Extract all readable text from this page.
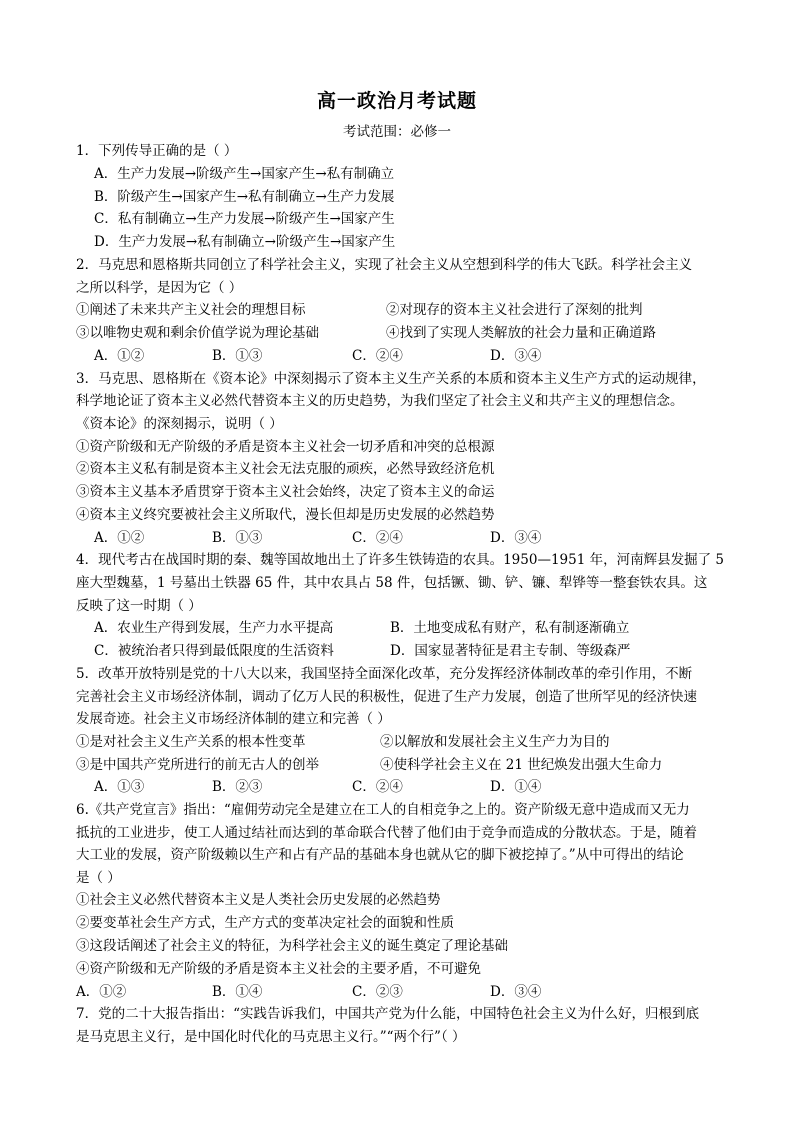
高一政治月考试题
考试范围：必修一
1．下列传导正确的是（ ）
A．生产力发展→阶级产生→国家产生→私有制确立
B．阶级产生→国家产生→私有制确立→生产力发展
C．私有制确立→生产力发展→阶级产生→国家产生
D．生产力发展→私有制确立→阶级产生→国家产生
2．马克思和恩格斯共同创立了科学社会主义，实现了社会主义从空想到科学的伟大飞跃。科学社会主义
之所以科学，是因为它（ ）
①阐述了未来共产主义社会的理想目标	②对现存的资本主义社会进行了深刻的批判
③以唯物史观和剩余价值学说为理论基础	④找到了实现人类解放的社会力量和正确道路
A．①②	B．①③	C．②④	D．③④
3．马克思、恩格斯在《资本论》中深刻揭示了资本主义生产关系的本质和资本主义生产方式的运动规律，
科学地论证了资本主义必然代替资本主义的历史趋势，为我们坚定了社会主义和共产主义的理想信念。
《资本论》的深刻揭示，说明（ ）
①资产阶级和无产阶级的矛盾是资本主义社会一切矛盾和冲突的总根源
②资本主义私有制是资本主义社会无法克服的顽疾，必然导致经济危机
③资本主义基本矛盾贯穿于资本主义社会始终，决定了资本主义的命运
④资本主义终究要被社会主义所取代，漫长但却是历史发展的必然趋势
A．①②	B．①③	C．②④	D．③④
4．现代考古在战国时期的秦、魏等国故地出土了许多生铁铸造的农具。1950—1951 年，河南辉县发掘了 5
座大型魏墓，1 号墓出土铁器 65 件，其中农具占 58 件，包括镢、锄、铲、镰、犁铧等一整套铁农具。这
反映了这一时期（ ）
A．农业生产得到发展，生产力水平提高	B．土地变成私有财产，私有制逐渐确立
C．被统治者只得到最低限度的生活资料	D．国家显著特征是君主专制、等级森严
5．改革开放特别是党的十八大以来，我国坚持全面深化改革，充分发挥经济体制改革的牵引作用，不断
完善社会主义市场经济体制，调动了亿万人民的积极性，促进了生产力发展，创造了世所罕见的经济快速
发展奇迹。社会主义市场经济体制的建立和完善（ ）
①是对社会主义生产关系的根本性变革	②以解放和发展社会主义生产力为目的
③是中国共产党所进行的前无古人的创举	④使科学社会主义在 21 世纪焕发出强大生命力
A．①③	B．②③	C．②④	D．①④
6.《共产党宣言》指出：“雇佣劳动完全是建立在工人的自相竞争之上的。资产阶级无意中造成而又无力
抵抗的工业进步，使工人通过结社而达到的革命联合代替了他们由于竞争而造成的分散状态。于是，随着
大工业的发展，资产阶级赖以生产和占有产品的基础本身也就从它的脚下被挖掉了。”从中可得出的结论
是（ ）
①社会主义必然代替资本主义是人类社会历史发展的必然趋势
②要变革社会生产方式，生产方式的变革决定社会的面貌和性质
③这段话阐述了社会主义的特征，为科学社会主义的诞生奠定了理论基础
④资产阶级和无产阶级的矛盾是资本主义社会的主要矛盾，不可避免
A．①②	B．①④	C．②③	D．③④
7．党的二十大报告指出：“实践告诉我们，中国共产党为什么能，中国特色社会主义为什么好，归根到底
是马克思主义行，是中国化时代化的马克思主义行。”“两个行”（ ）
